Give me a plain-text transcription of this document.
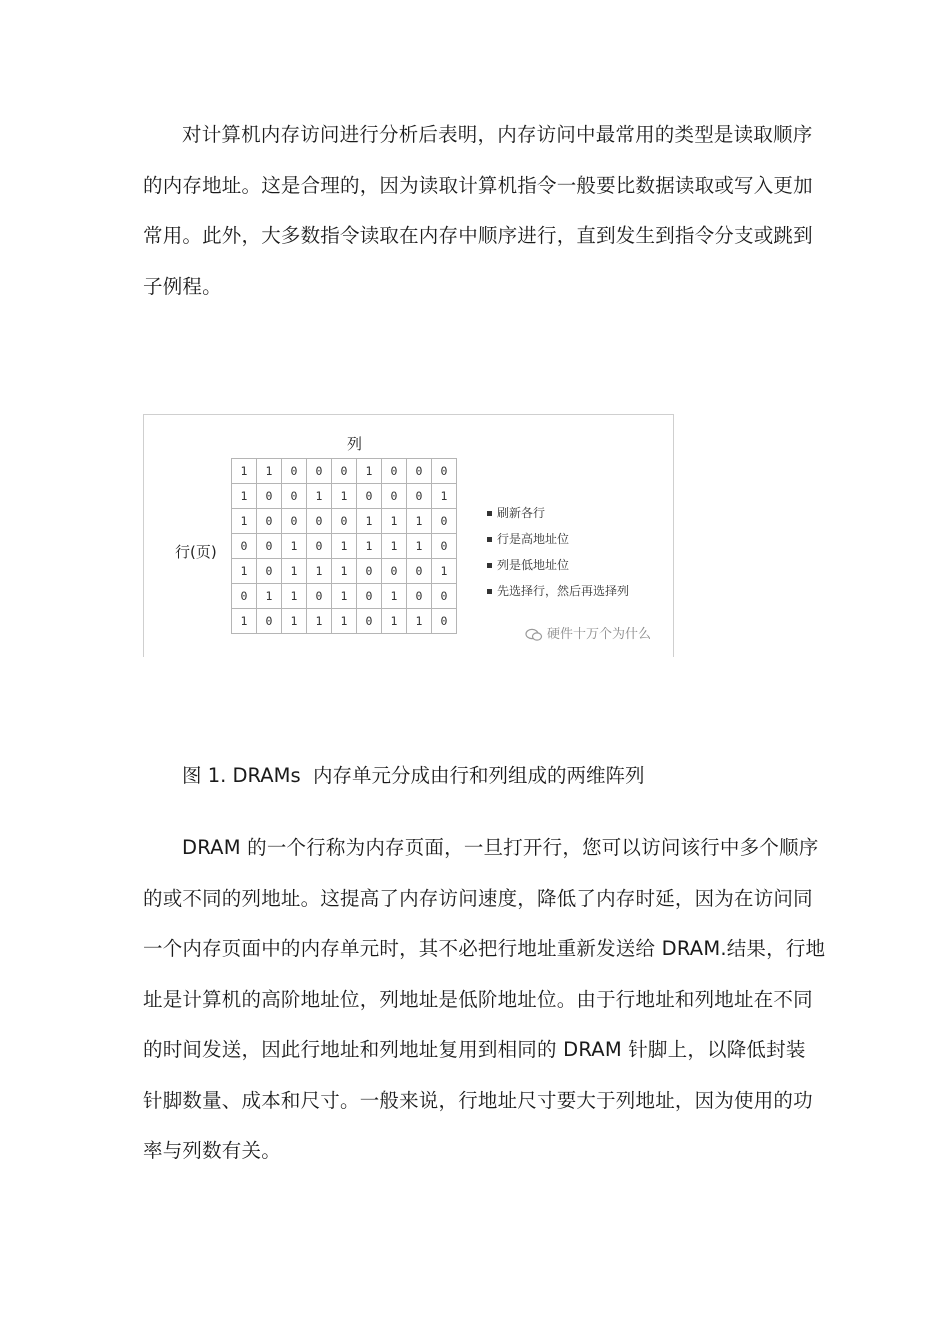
对计算机内存访问进行分析后表明，内存访问中最常用的类型是读取顺序
的内存地址。这是合理的，因为读取计算机指令一般要比数据读取或写入更加
常用。此外，大多数指令读取在内存中顺序进行，直到发生到指令分支或跳到
子例程。
列
行(页)
1	1	0	0	0	1	0	0	0
1	0	0	1	1	0	0	0	1
1	0	0	0	0	1	1	1	0
0	0	1	0	1	1	1	1	0
1	0	1	1	1	0	0	0	1
0	1	1	0	1	0	1	0	0
1	0	1	1	1	0	1	1	0
刷新各行
行是高地址位
列是低地址位
先选择行，然后再选择列
硬件十万个为什么
图 1. DRAMs  内存单元分成由行和列组成的两维阵列
DRAM 的一个行称为内存页面，一旦打开行，您可以访问该行中多个顺序
的或不同的列地址。这提高了内存访问速度，降低了内存时延，因为在访问同
一个内存页面中的内存单元时，其不必把行地址重新发送给 DRAM.结果，行地
址是计算机的高阶地址位，列地址是低阶地址位。由于行地址和列地址在不同
的时间发送，因此行地址和列地址复用到相同的 DRAM 针脚上，以降低封装
针脚数量、成本和尺寸。一般来说，行地址尺寸要大于列地址，因为使用的功
率与列数有关。
